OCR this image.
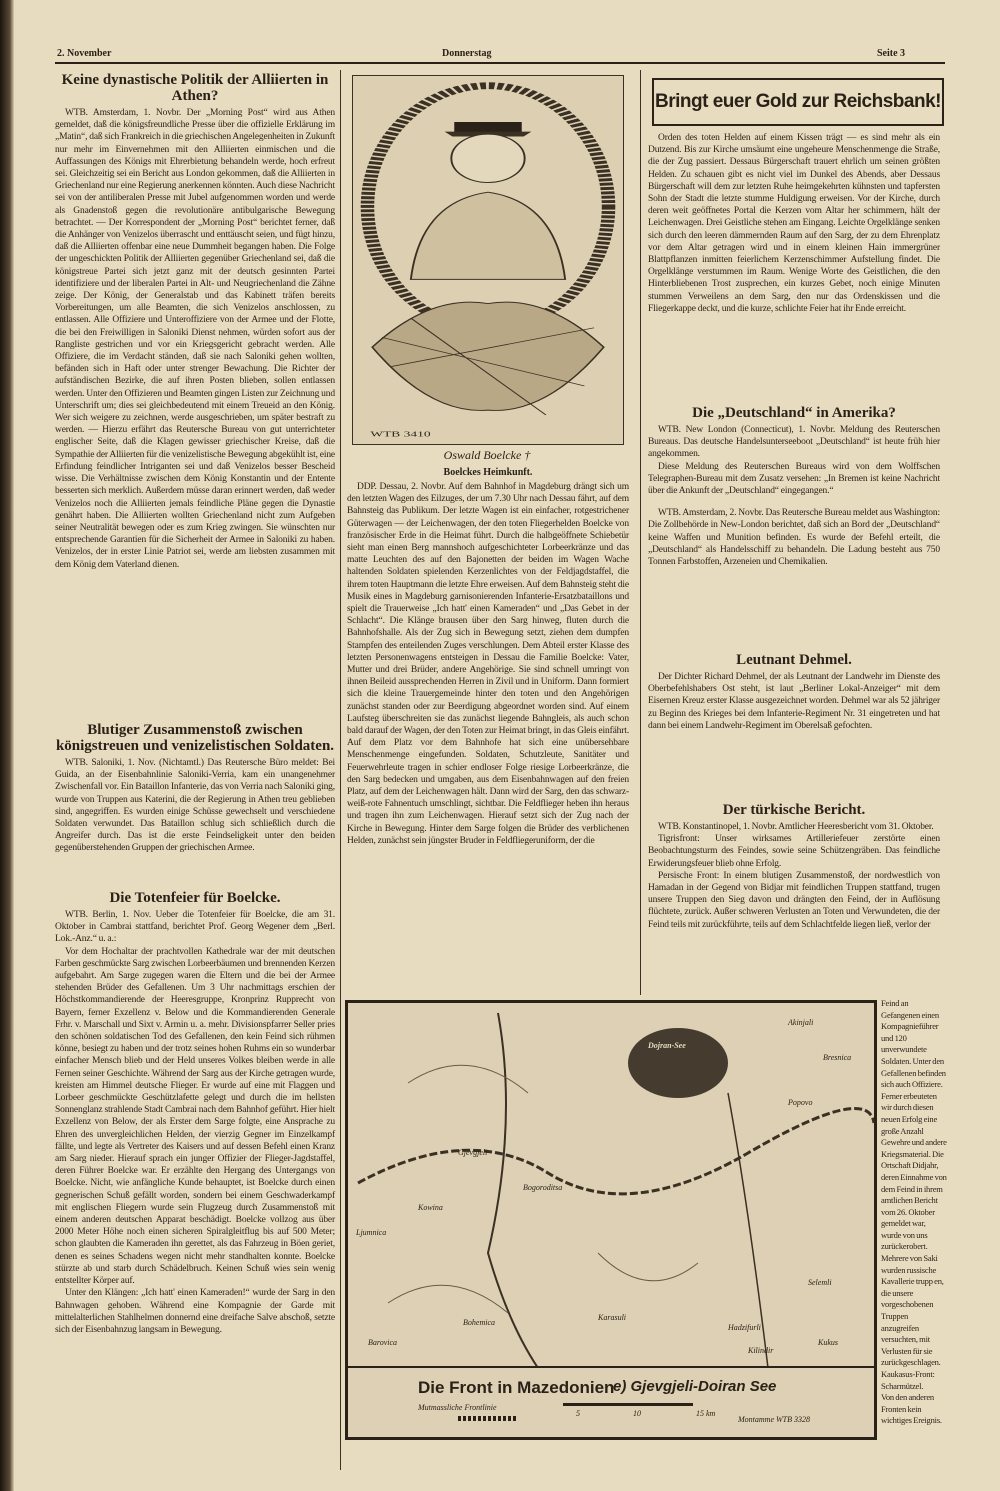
2. November	Donnerstag	Seite 3
Keine dynastische Politik der Alliierten in Athen?

WTB. Amsterdam, 1. Novbr. Der „Morning Post“ wird aus Athen gemeldet, daß die königsfreundliche Presse über die offizielle Erklärung im „Matin“, daß sich Frankreich in die griechischen Angelegenheiten in Zukunft nur mehr im Einvernehmen mit den Alliierten einmischen und die Auffassungen des Königs mit Ehrerbietung behandeln werde, hoch erfreut sei. Gleichzeitig sei ein Bericht aus London gekommen, daß die Alliierten in Griechenland nur eine Regierung anerkennen könnten. Auch diese Nachricht sei von der antiliberalen Presse mit Jubel aufgenommen worden und werde als Gnadenstoß gegen die revolutionäre antibulgarische Bewegung betrachtet. — Der Korrespondent der „Morning Post“ berichtet ferner, daß die Anhänger von Venizelos überrascht und enttäuscht seien, und fügt hinzu, daß die Alliierten offenbar eine neue Dummheit begangen haben. Die Folge der ungeschickten Politik der Alliierten gegenüber Griechenland sei, daß die königstreue Partei sich jetzt ganz mit der deutsch gesinnten Partei identifiziere und der liberalen Partei in Alt- und Neugriechenland die Zähne zeige. Der König, der Generalstab und das Kabinett träfen bereits Vorbereitungen, um alle Beamten, die sich Venizelos anschlossen, zu entlassen. Alle Offiziere und Unteroffiziere von der Armee und der Flotte, die bei den Freiwilligen in Saloniki Dienst nehmen, würden sofort aus der Rangliste gestrichen und vor ein Kriegsgericht gebracht werden. Alle Offiziere, die im Verdacht ständen, daß sie nach Saloniki gehen wollten, befänden sich in Haft oder unter strenger Bewachung. Die Richter der aufständischen Bezirke, die auf ihren Posten blieben, sollen entlassen werden. Unter den Offizieren und Beamten gingen Listen zur Zeichnung und Unterschrift um; dies sei gleichbedeutend mit einem Treueid an den König. Wer sich weigere zu zeichnen, werde ausgeschrieben, um später bestraft zu werden. — Hierzu erfährt das Reutersche Bureau von gut unterrichteter englischer Seite, daß die Klagen gewisser griechischer Kreise, daß die Sympathie der Alliierten für die venizelistische Bewegung abgekühlt ist, eine Erfindung feindlicher Intriganten sei und daß Venizelos besser Bescheid wisse. Die Verhältnisse zwischen dem König Konstantin und der Entente besserten sich merklich. Außerdem müsse daran erinnert werden, daß weder Venizelos noch die Alliierten jemals feindliche Pläne gegen die Dynastie genährt haben. Die Alliierten wollten Griechenland nicht zum Aufgeben seiner Neutralität bewegen oder es zum Krieg zwingen. Sie wünschten nur entsprechende Garantien für die Sicherheit der Armee in Saloniki zu haben. Venizelos, der in erster Linie Patriot sei, werde am liebsten zusammen mit dem König dem Vaterland dienen.

Blutiger Zusammenstoß zwischen königstreuen und venizelistischen Soldaten.

WTB. Saloniki, 1. Nov. (Nichtamtl.) Das Reutersche Büro meldet: Bei Guida, an der Eisenbahnlinie Saloniki-Verria, kam ein unangenehmer Zwischenfall vor. Ein Bataillon Infanterie, das von Verria nach Saloniki ging, wurde von Truppen aus Katerini, die der Regierung in Athen treu geblieben sind, angegriffen. Es wurden einige Schüsse gewechselt und verschiedene Soldaten verwundet. Das Bataillon schlug sich schließlich durch die Angreifer durch. Das ist die erste Feindseligkeit unter den beiden gegenüberstehenden Gruppen der griechischen Armee.

Die Totenfeier für Boelcke.

WTB. Berlin, 1. Nov. Ueber die Totenfeier für Boelcke, die am 31. Oktober in Cambrai stattfand, berichtet Prof. Georg Wegener dem „Berl. Lok.-Anz.“ u. a.:

Vor dem Hochaltar der prachtvollen Kathedrale war der mit deutschen Farben geschmückte Sarg zwischen Lorbeerbäumen und brennenden Kerzen aufgebahrt. Am Sarge zugegen waren die Eltern und die bei der Armee stehenden Brüder des Gefallenen. Um 3 Uhr nachmittags erschien der Höchstkommandierende der Heeresgruppe, Kronprinz Rupprecht von Bayern, ferner Exzellenz v. Below und die Kommandierenden Generale Frhr. v. Marschall und Sixt v. Armin u. a. mehr. Divisionspfarrer Seller pries den schönen soldatischen Tod des Gefallenen, den kein Feind sich rühmen könne, besiegt zu haben und der trotz seines hohen Ruhms ein so wunderbar einfacher Mensch blieb und der Held unseres Volkes bleiben werde in alle Fernen seiner Geschichte. Während der Sarg aus der Kirche getragen wurde, kreisten am Himmel deutsche Flieger. Er wurde auf eine mit Flaggen und Lorbeer geschmückte Geschützlafette gelegt und durch die im hellsten Sonnenglanz strahlende Stadt Cambrai nach dem Bahnhof geführt. Hier hielt Exzellenz von Below, der als Erster dem Sarge folgte, eine Ansprache zu Ehren des unvergleichlichen Helden, der vierzig Gegner im Einzelkampf fällte, und legte als Vertreter des Kaisers und auf dessen Befehl einen Kranz am Sarg nieder. Hierauf sprach ein junger Offizier der Flieger-Jagdstaffel, deren Führer Boelcke war. Er erzählte den Hergang des Untergangs von Boelcke. Nicht, wie anfängliche Kunde behauptet, ist Boelcke durch einen gegnerischen Schuß gefällt worden, sondern bei einem Geschwaderkampf mit englischen Fliegern wurde sein Flugzeug durch Zusammenstoß mit einem anderen deutschen Apparat beschädigt. Boelcke vollzog aus über 2000 Meter Höhe noch einen sicheren Spiralgleitflug bis auf 500 Meter; schon glaubten die Kameraden ihn gerettet, als das Fahrzeug in Böen geriet, denen es seines Schadens wegen nicht mehr standhalten konnte. Boelcke stürzte ab und starb durch Schädelbruch. Keinen Schuß wies sein wenig entstellter Körper auf.

Unter den Klängen: „Ich hatt' einen Kameraden!“ wurde der Sarg in den Bahnwagen gehoben. Während eine Kompagnie der Garde mit mittelalterlichen Stahlhelmen donnernd eine dreifache Salve abschoß, setzte sich der Eisenbahnzug langsam in Bewegung.

WTB 3410
Oswald Boelcke †
Boelckes Heimkunft.

DDP. Dessau, 2. Novbr. Auf dem Bahnhof in Magdeburg drängt sich um den letzten Wagen des Eilzuges, der um 7.30 Uhr nach Dessau fährt, auf dem Bahnsteig das Publikum. Der letzte Wagen ist ein einfacher, rotgestrichener Güterwagen — der Leichenwagen, der den toten Fliegerhelden Boelcke von französischer Erde in die Heimat führt. Durch die halbgeöffnete Schiebetür sieht man einen Berg mannshoch aufgeschichteter Lorbeerkränze und das matte Leuchten des auf den Bajonetten der beiden im Wagen Wache haltenden Soldaten spielenden Kerzenlichtes von der Feldjagdstaffel, die ihrem toten Hauptmann die letzte Ehre erweisen. Auf dem Bahnsteig steht die Musik eines in Magdeburg garnisonierenden Infanterie-Ersatzbataillons und spielt die Trauerweise „Ich hatt' einen Kameraden“ und „Das Gebet in der Schlacht“. Die Klänge brausen über den Sarg hinweg, fluten durch die Bahnhofshalle. Als der Zug sich in Bewegung setzt, ziehen dem dumpfen Stampfen des enteilenden Zuges verschlungen. Dem Abteil erster Klasse des letzten Personenwagens entsteigen in Dessau die Familie Boelcke: Vater, Mutter und drei Brüder, andere Angehörige. Sie sind schnell umringt von ihnen Beileid aussprechenden Herren in Zivil und in Uniform. Dann formiert sich die kleine Trauergemeinde hinter den toten und den Angehörigen zunächst standen oder zur Beerdigung abgeordnet worden sind. Auf einem Laufsteg überschreiten sie das zunächst liegende Bahngleis, als auch schon bald darauf der Wagen, der den Toten zur Heimat bringt, in das Gleis einfährt. Auf dem Platz vor dem Bahnhofe hat sich eine unübersehbare Menschenmenge eingefunden. Soldaten, Schutzleute, Sanitäter und Feuerwehrleute tragen in schier endloser Folge riesige Lorbeerkränze, die den Sarg bedecken und umgaben, aus dem Eisenbahnwagen auf den freien Platz, auf dem der Leichenwagen hält. Dann wird der Sarg, den das schwarz-weiß-rote Fahnentuch umschlingt, sichtbar. Die Feldflieger heben ihn heraus und tragen ihn zum Leichenwagen. Hierauf setzt sich der Zug nach der Kirche in Bewegung. Hinter dem Sarge folgen die Brüder des verblichenen Helden, zunächst sein jüngster Bruder in Feldfliegeruniform, der die

Bringt euer Gold zur Reichsbank!

Orden des toten Helden auf einem Kissen trägt — es sind mehr als ein Dutzend. Bis zur Kirche umsäumt eine ungeheure Menschenmenge die Straße, die der Zug passiert. Dessaus Bürgerschaft trauert ehrlich um seinen größten Helden. Zu schauen gibt es nicht viel im Dunkel des Abends, aber Dessaus Bürgerschaft will dem zur letzten Ruhe heimgekehrten kühnsten und tapfersten Sohn der Stadt die letzte stumme Huldigung erweisen. Vor der Kirche, durch deren weit geöffnetes Portal die Kerzen vom Altar her schimmern, hält der Leichenwagen. Drei Geistliche stehen am Eingang. Leichte Orgelklänge senken sich durch den leeren dämmernden Raum auf den Sarg, der zu dem Ehrenplatz vor dem Altar getragen wird und in einem kleinen Hain immergrüner Blattpflanzen inmitten feierlichem Kerzenschimmer Aufstellung findet. Die Orgelklänge verstummen im Raum. Wenige Worte des Geistlichen, die den Hinterbliebenen Trost zusprechen, ein kurzes Gebet, noch einige Minuten stummen Verweilens an dem Sarg, den nur das Ordenskissen und die Fliegerkappe deckt, und die kurze, schlichte Feier hat ihr Ende erreicht.

Die „Deutschland“ in Amerika?

WTB. New London (Connecticut), 1. Novbr. Meldung des Reuterschen Bureaus. Das deutsche Handelsunterseeboot „Deutschland“ ist heute früh hier angekommen.

Diese Meldung des Reuterschen Bureaus wird von dem Wolffschen Telegraphen-Bureau mit dem Zusatz versehen: „In Bremen ist keine Nachricht über die Ankunft der „Deutschland“ eingegangen.“

WTB. Amsterdam, 2. Novbr. Das Reutersche Bureau meldet aus Washington: Die Zollbehörde in New-London berichtet, daß sich an Bord der „Deutschland“ keine Waffen und Munition befinden. Es wurde der Befehl erteilt, die „Deutschland“ als Handelsschiff zu behandeln. Die Ladung besteht aus 750 Tonnen Farbstoffen, Arzeneien und Chemikalien.

Leutnant Dehmel.

Der Dichter Richard Dehmel, der als Leutnant der Landwehr im Dienste des Oberbefehlshabers Ost steht, ist laut „Berliner Lokal-Anzeiger“ mit dem Eisernen Kreuz erster Klasse ausgezeichnet worden. Dehmel war als 52 jähriger zu Beginn des Krieges bei dem Infanterie-Regiment Nr. 31 eingetreten und hat dann bei einem Landwehr-Regiment im Oberelsaß gefochten.

Der türkische Bericht.

WTB. Konstantinopel, 1. Novbr. Amtlicher Heeresbericht vom 31. Oktober.

Tigrisfront: Unser wirksames Artilleriefeuer zerstörte einen Beobachtungsturm des Feindes, sowie seine Schützengräben. Das feindliche Erwiderungsfeuer blieb ohne Erfolg.

Persische Front: In einem blutigen Zusammenstoß, der nordwestlich von Hamadan in der Gegend von Bidjar mit feindlichen Truppen stattfand, trugen unsere Truppen den Sieg davon und drängten den Feind, der in Auflösung flüchtete, zurück. Außer schweren Verlusten an Toten und Verwundeten, die der Feind teils mit zurückführte, teils auf dem Schlachtfelde liegen ließ, verlor der

Feind an Gefangenen einen Kompagnieführer und 120 unverwundete Soldaten. Unter den Gefallenen befinden sich auch Offiziere. Ferner erbeuteten wir durch diesen neuen Erfolg eine große Anzahl Gewehre und andere Kriegsmaterial. Die Ortschaft Didjahr, deren Einnahme von dem Feind in ihrem amtlichen Bericht vom 26. Oktober gemeldet war, wurde von uns zurückerobert. Mehrere von Saki wurden russische Kavallerie trupp en, die unsere vorgeschobenen Truppen anzugreifen versuchten, mit Verlusten für sie zurückgeschlagen.

Kaukasus-Front: Scharmützel.

Von den anderen Fronten kein wichtiges Ereignis.

Dojran-See
Akinjali
Gjevgjeli
Bogoroditsa
Kowina
Kukus
Ljumnica
Barovica
Bohemica
Popovo
Bresnica
Karasuli
Hadzifurli
Selemli
Kilindir
Die Front in Mazedonien
e) Gjevgjeli-Doiran See
Mutmassliche Frontlinie
5	10	15 km
Montamme WTB 3328
